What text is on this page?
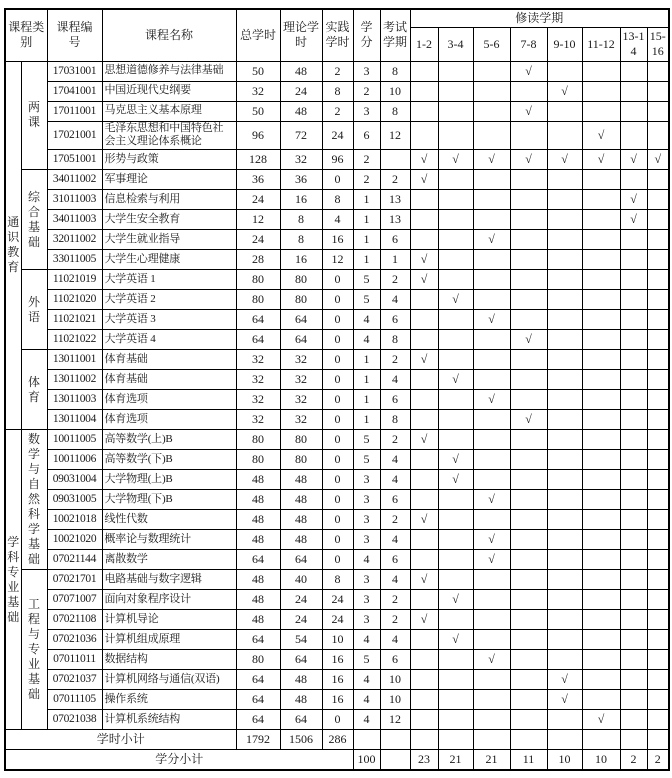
课程类别		课程编号	课程名称	总学时	理论学时	实践学时	学分	考试学期	修读学期							
									1-2	3-4	5-6	7-8	9-10	11-12	13-14	15-16
通识教育	两课	17031001	思想道德修养与法律基础	50	48	2	3	8				√				
		17041001	中国近现代史纲要	32	24	8	2	10					√			
		17011001	马克思主义基本原理	50	48	2	3	8				√				
		17021001	毛泽东思想和中国特色社会主义理论体系概论	96	72	24	6	12						√		
		17051001	形势与政策	128	32	96	2		√	√	√	√	√	√	√	√
	综合基础	34011002	军事理论	36	36	0	2	2	√							
		31011003	信息检索与利用	24	16	8	1	13							√	
		34011003	大学生安全教育	12	8	4	1	13							√	
		32011002	大学生就业指导	24	8	16	1	6			√					
		33011005	大学生心理健康	28	16	12	1	1	√							
	外语	11021019	大学英语 1	80	80	0	5	2	√							
		11021020	大学英语 2	80	80	0	5	4		√						
		11021021	大学英语 3	64	64	0	4	6			√					
		11021022	大学英语 4	64	64	0	4	8				√				
	体育	13011001	体育基础	32	32	0	1	2	√							
		13011002	体育基础	32	32	0	1	4		√						
		13011003	体育选项	32	32	0	1	6			√					
		13011004	体育选项	32	32	0	1	8				√				
学科专业基础	数学与自然科学基础	10011005	高等数学(上)B	80	80	0	5	2	√							
		10011006	高等数学(下)B	80	80	0	5	4		√						
		09031004	大学物理(上)B	48	48	0	3	4		√						
		09031005	大学物理(下)B	48	48	0	3	6			√					
		10021018	线性代数	48	48	0	3	2	√							
		10021020	概率论与数理统计	48	48	0	3	4			√					
		07021144	离散数学	64	64	0	4	6			√					
	工程与专业基础	07021701	电路基础与数字逻辑	48	40	8	3	4	√							
		07071007	面向对象程序设计	48	24	24	3	2		√						
		07021108	计算机导论	48	24	24	3	2	√							
		07021036	计算机组成原理	64	54	10	4	4		√						
		07011011	数据结构	80	64	16	5	6			√					
		07021037	计算机网络与通信(双语)	64	48	16	4	10					√			
		07011105	操作系统	64	48	16	4	10					√			
		07021038	计算机系统结构	64	64	0	4	12						√		
学时小计				1792	1506	286										
学分小计							100		23	21	21	11	10	10	2	2
